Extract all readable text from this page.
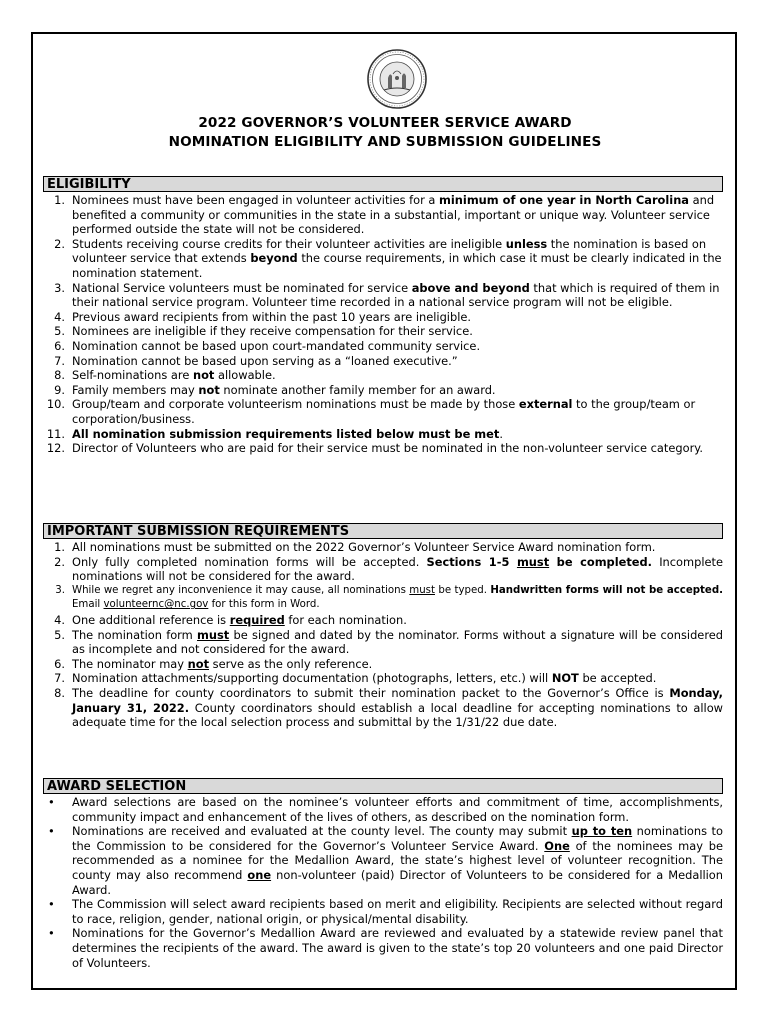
2022 GOVERNOR’S VOLUNTEER SERVICE AWARD
NOMINATION ELIGIBILITY AND SUBMISSION GUIDELINES
ELIGIBILITY
1. Nominees must have been engaged in volunteer activities for a minimum of one year in North Carolina and benefited a community or communities in the state in a substantial, important or unique way. Volunteer service performed outside the state will not be considered.
2. Students receiving course credits for their volunteer activities are ineligible unless the nomination is based on volunteer service that extends beyond the course requirements, in which case it must be clearly indicated in the nomination statement.
3. National Service volunteers must be nominated for service above and beyond that which is required of them in their national service program. Volunteer time recorded in a national service program will not be eligible.
4. Previous award recipients from within the past 10 years are ineligible.
5. Nominees are ineligible if they receive compensation for their service.
6. Nomination cannot be based upon court-mandated community service.
7. Nomination cannot be based upon serving as a “loaned executive.”
8. Self-nominations are not allowable.
9. Family members may not nominate another family member for an award.
10. Group/team and corporate volunteerism nominations must be made by those external to the group/team or corporation/business.
11. All nomination submission requirements listed below must be met.
12. Director of Volunteers who are paid for their service must be nominated in the non-volunteer service category.
IMPORTANT SUBMISSION REQUIREMENTS
1. All nominations must be submitted on the 2022 Governor’s Volunteer Service Award nomination form.
2. Only fully completed nomination forms will be accepted. Sections 1-5 must be completed. Incomplete nominations will not be considered for the award.
3. While we regret any inconvenience it may cause, all nominations must be typed. Handwritten forms will not be accepted. Email volunteernc@nc.gov for this form in Word.
4. One additional reference is required for each nomination.
5. The nomination form must be signed and dated by the nominator. Forms without a signature will be considered as incomplete and not considered for the award.
6. The nominator may not serve as the only reference.
7. Nomination attachments/supporting documentation (photographs, letters, etc.) will NOT be accepted.
8. The deadline for county coordinators to submit their nomination packet to the Governor’s Office is Monday, January 31, 2022. County coordinators should establish a local deadline for accepting nominations to allow adequate time for the local selection process and submittal by the 1/31/22 due date.
AWARD SELECTION
• Award selections are based on the nominee’s volunteer efforts and commitment of time, accomplishments, community impact and enhancement of the lives of others, as described on the nomination form.
• Nominations are received and evaluated at the county level. The county may submit up to ten nominations to the Commission to be considered for the Governor’s Volunteer Service Award. One of the nominees may be recommended as a nominee for the Medallion Award, the state’s highest level of volunteer recognition. The county may also recommend one non-volunteer (paid) Director of Volunteers to be considered for a Medallion Award.
• The Commission will select award recipients based on merit and eligibility. Recipients are selected without regard to race, religion, gender, national origin, or physical/mental disability.
• Nominations for the Governor’s Medallion Award are reviewed and evaluated by a statewide review panel that determines the recipients of the award. The award is given to the state’s top 20 volunteers and one paid Director of Volunteers.
